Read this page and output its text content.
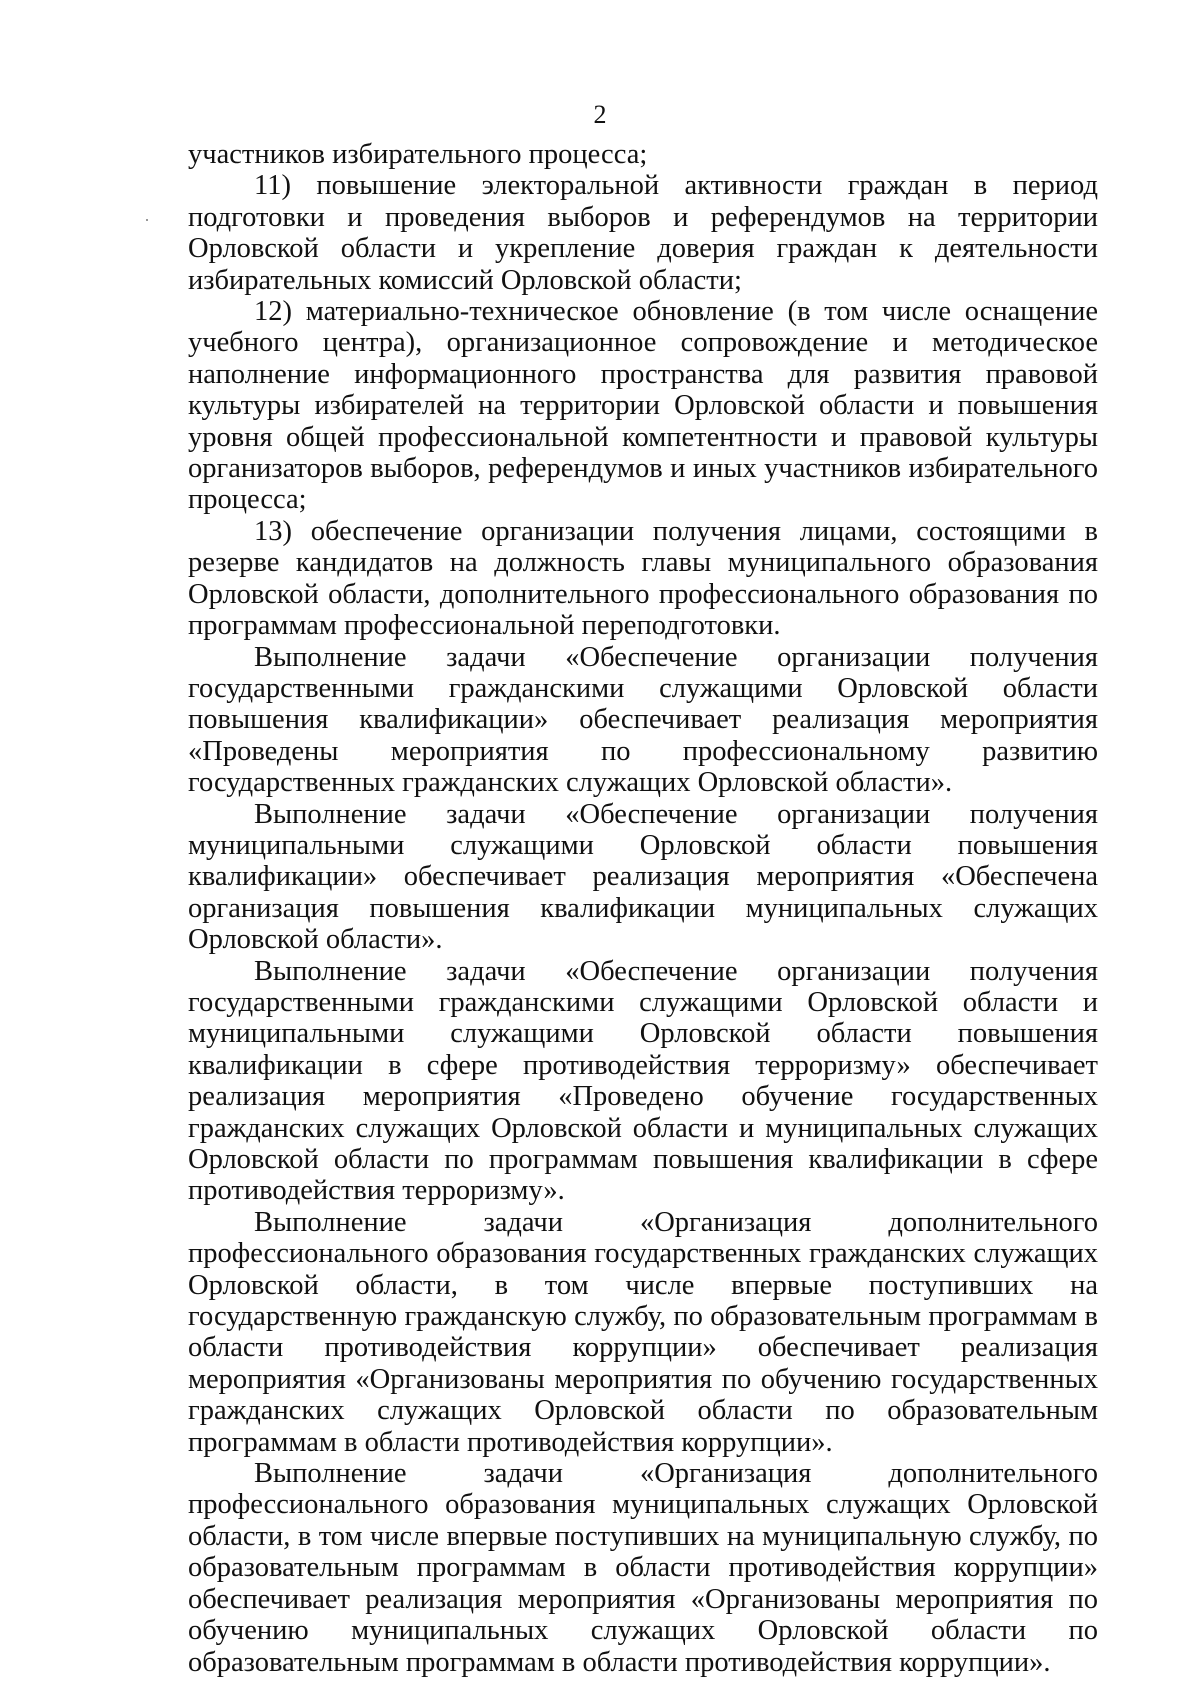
2

участников избирательного процесса;

11) повышение электоральной активности граждан в период подготовки и проведения выборов и референдумов на территории Орловской области и укрепление доверия граждан к деятельности избирательных комиссий Орловской области;

12) материально-техническое обновление (в том числе оснащение учебного центра), организационное сопровождение и методическое наполнение информационного пространства для развития правовой культуры избирателей на территории Орловской области и повышения уровня общей профессиональной компетентности и правовой культуры организаторов выборов, референдумов и иных участников избирательного процесса;

13) обеспечение организации получения лицами, состоящими в резерве кандидатов на должность главы муниципального образования Орловской области, дополнительного профессионального образования по программам профессиональной переподготовки.

Выполнение задачи «Обеспечение организации получения государственными гражданскими служащими Орловской области повышения квалификации» обеспечивает реализация мероприятия «Проведены мероприятия по профессиональному развитию государственных гражданских служащих Орловской области».

Выполнение задачи «Обеспечение организации получения муниципальными служащими Орловской области повышения квалификации» обеспечивает реализация мероприятия «Обеспечена организация повышения квалификации муниципальных служащих Орловской области».

Выполнение задачи «Обеспечение организации получения государственными гражданскими служащими Орловской области и муниципальными служащими Орловской области повышения квалификации в сфере противодействия терроризму» обеспечивает реализация мероприятия «Проведено обучение государственных гражданских служащих Орловской области и муниципальных служащих Орловской области по программам повышения квалификации в сфере противодействия терроризму».

Выполнение задачи «Организация дополнительного профессионального образования государственных гражданских служащих Орловской области, в том числе впервые поступивших на государственную гражданскую службу, по образовательным программам в области противодействия коррупции» обеспечивает реализация мероприятия «Организованы мероприятия по обучению государственных гражданских служащих Орловской области по образовательным программам в области противодействия коррупции».

Выполнение задачи «Организация дополнительного профессионального образования муниципальных служащих Орловской области, в том числе впервые поступивших на муниципальную службу, по образовательным программам в области противодействия коррупции» обеспечивает реализация мероприятия «Организованы мероприятия по обучению муниципальных служащих Орловской области по образовательным программам в области противодействия коррупции».
